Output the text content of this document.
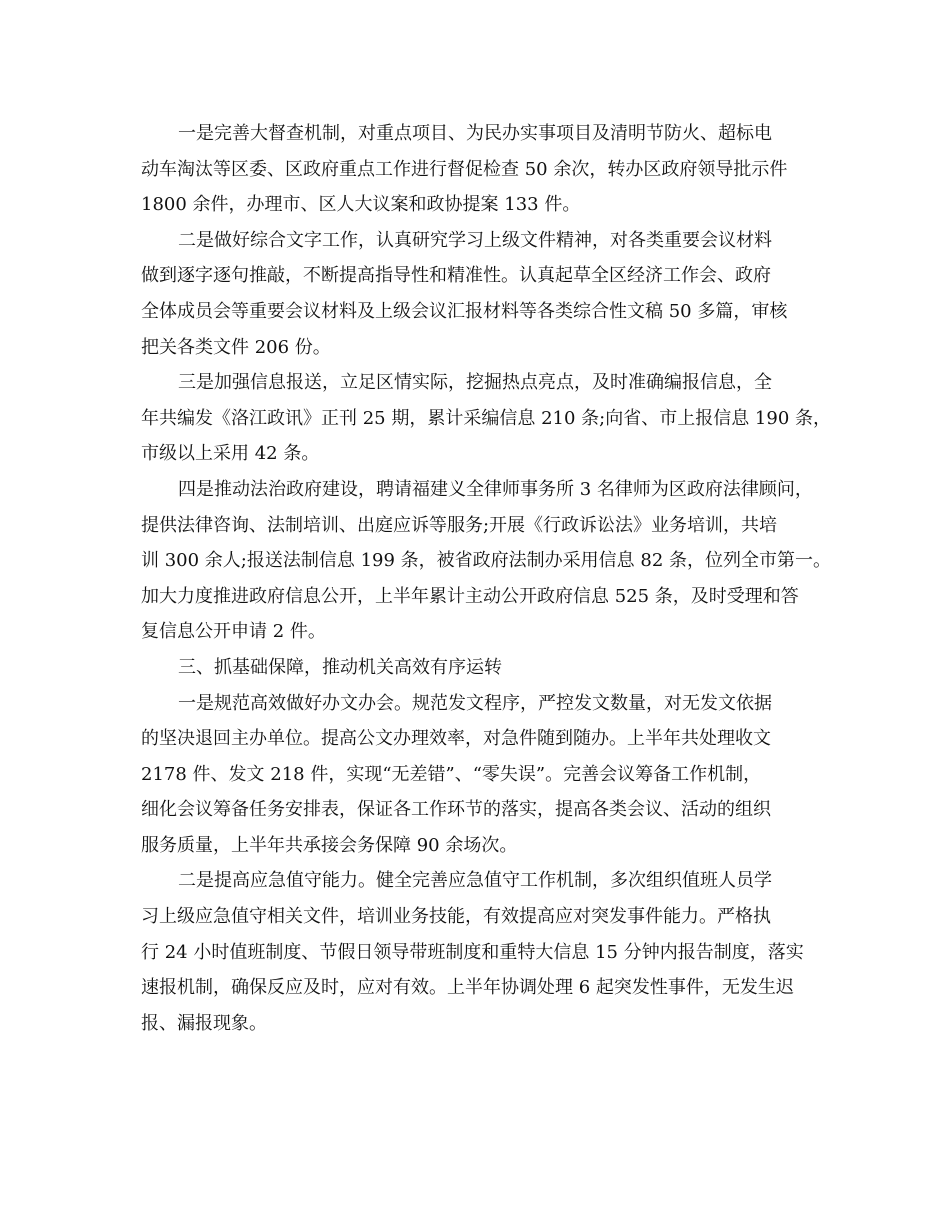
一是完善大督查机制，对重点项目、为民办实事项目及清明节防火、超标电
动车淘汰等区委、区政府重点工作进行督促检查 50 余次，转办区政府领导批示件
1800 余件，办理市、区人大议案和政协提案 133 件。
二是做好综合文字工作，认真研究学习上级文件精神，对各类重要会议材料
做到逐字逐句推敲，不断提高指导性和精准性。认真起草全区经济工作会、政府
全体成员会等重要会议材料及上级会议汇报材料等各类综合性文稿 50 多篇，审核
把关各类文件 206 份。
三是加强信息报送，立足区情实际，挖掘热点亮点，及时准确编报信息，全
年共编发《洛江政讯》正刊 25 期，累计采编信息 210 条;向省、市上报信息 190 条，
市级以上采用 42 条。
四是推动法治政府建设，聘请福建义全律师事务所 3 名律师为区政府法律顾问，
提供法律咨询、法制培训、出庭应诉等服务;开展《行政诉讼法》业务培训，共培
训 300 余人;报送法制信息 199 条，被省政府法制办采用信息 82 条，位列全市第一。
加大力度推进政府信息公开，上半年累计主动公开政府信息 525 条，及时受理和答
复信息公开申请 2 件。
三、抓基础保障，推动机关高效有序运转
一是规范高效做好办文办会。规范发文程序，严控发文数量，对无发文依据
的坚决退回主办单位。提高公文办理效率，对急件随到随办。上半年共处理收文
2178 件、发文 218 件，实现“无差错”、“零失误”。完善会议筹备工作机制，
细化会议筹备任务安排表，保证各工作环节的落实，提高各类会议、活动的组织
服务质量，上半年共承接会务保障 90 余场次。
二是提高应急值守能力。健全完善应急值守工作机制，多次组织值班人员学
习上级应急值守相关文件，培训业务技能，有效提高应对突发事件能力。严格执
行 24 小时值班制度、节假日领导带班制度和重特大信息 15 分钟内报告制度，落实
速报机制，确保反应及时，应对有效。上半年协调处理 6 起突发性事件，无发生迟
报、漏报现象。
